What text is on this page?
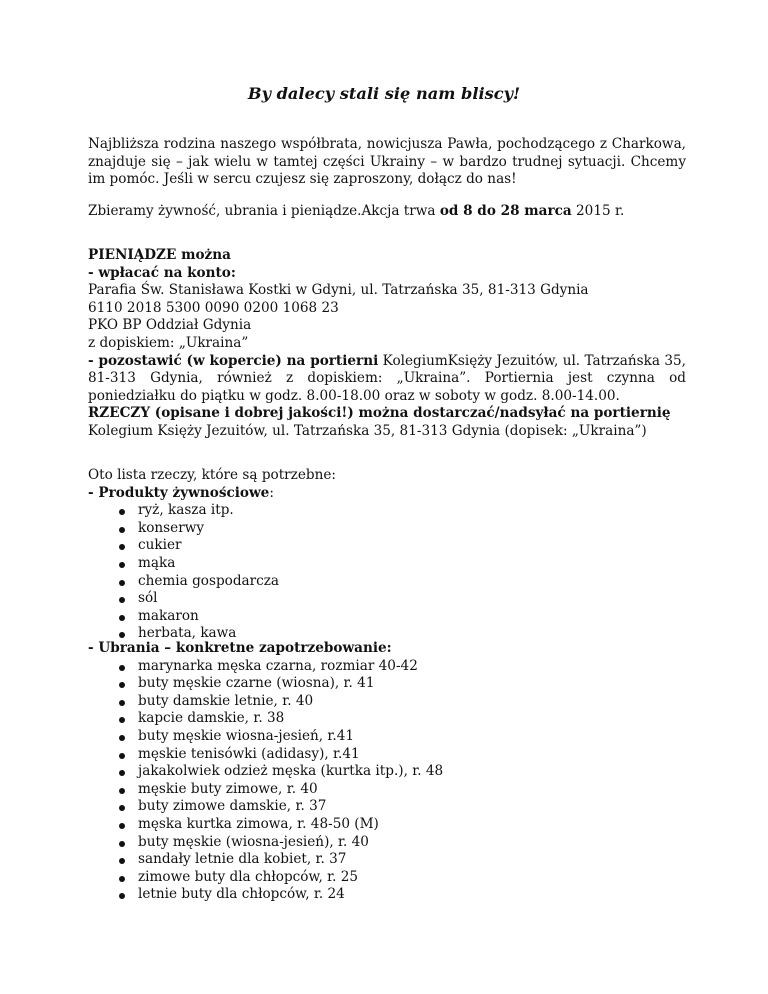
By dalecy stali się nam bliscy!

Najbliższa rodzina naszego współbrata, nowicjusza Pawła, pochodzącego z Charkowa, znajduje się – jak wielu w tamtej części Ukrainy – w bardzo trudnej sytuacji. Chcemy im pomóc. Jeśli w sercu czujesz się zaproszony, dołącz do nas!

Zbieramy żywność, ubrania i pieniądze.Akcja trwa od 8 do 28 marca 2015 r.

PIENIĄDZE można
- wpłacać na konto:
Parafia Św. Stanisława Kostki w Gdyni, ul. Tatrzańska 35, 81-313 Gdynia
6110 2018 5300 0090 0200 1068 23
PKO BP Oddział Gdynia
z dopiskiem: „Ukraina”

- pozostawić (w kopercie) na portierni KolegiumKsięży Jezuitów, ul. Tatrzańska 35, 81-313 Gdynia, również z dopiskiem: „Ukraina”. Portiernia jest czynna od poniedziałku do piątku w godz. 8.00-18.00 oraz w soboty w godz. 8.00-14.00.

RZECZY (opisane i dobrej jakości!) można dostarczać/nadsyłać na portiernię
Kolegium Księży Jezuitów, ul. Tatrzańska 35, 81-313 Gdynia (dopisek: „Ukraina”)
Oto lista rzeczy, które są potrzebne:
- Produkty żywnościowe:
ryż, kasza itp.
konserwy
cukier
mąka
chemia gospodarcza
sól
makaron
herbata, kawa
- Ubrania – konkretne zapotrzebowanie:
marynarka męska czarna, rozmiar 40-42
buty męskie czarne (wiosna), r. 41
buty damskie letnie, r. 40
kapcie damskie, r. 38
buty męskie wiosna-jesień, r.41
męskie tenisówki (adidasy), r.41
jakakolwiek odzież męska (kurtka itp.), r. 48
męskie buty zimowe, r. 40
buty zimowe damskie, r. 37
męska kurtka zimowa, r. 48-50 (M)
buty męskie (wiosna-jesień), r. 40
sandały letnie dla kobiet, r. 37
zimowe buty dla chłopców, r. 25
letnie buty dla chłopców, r. 24
